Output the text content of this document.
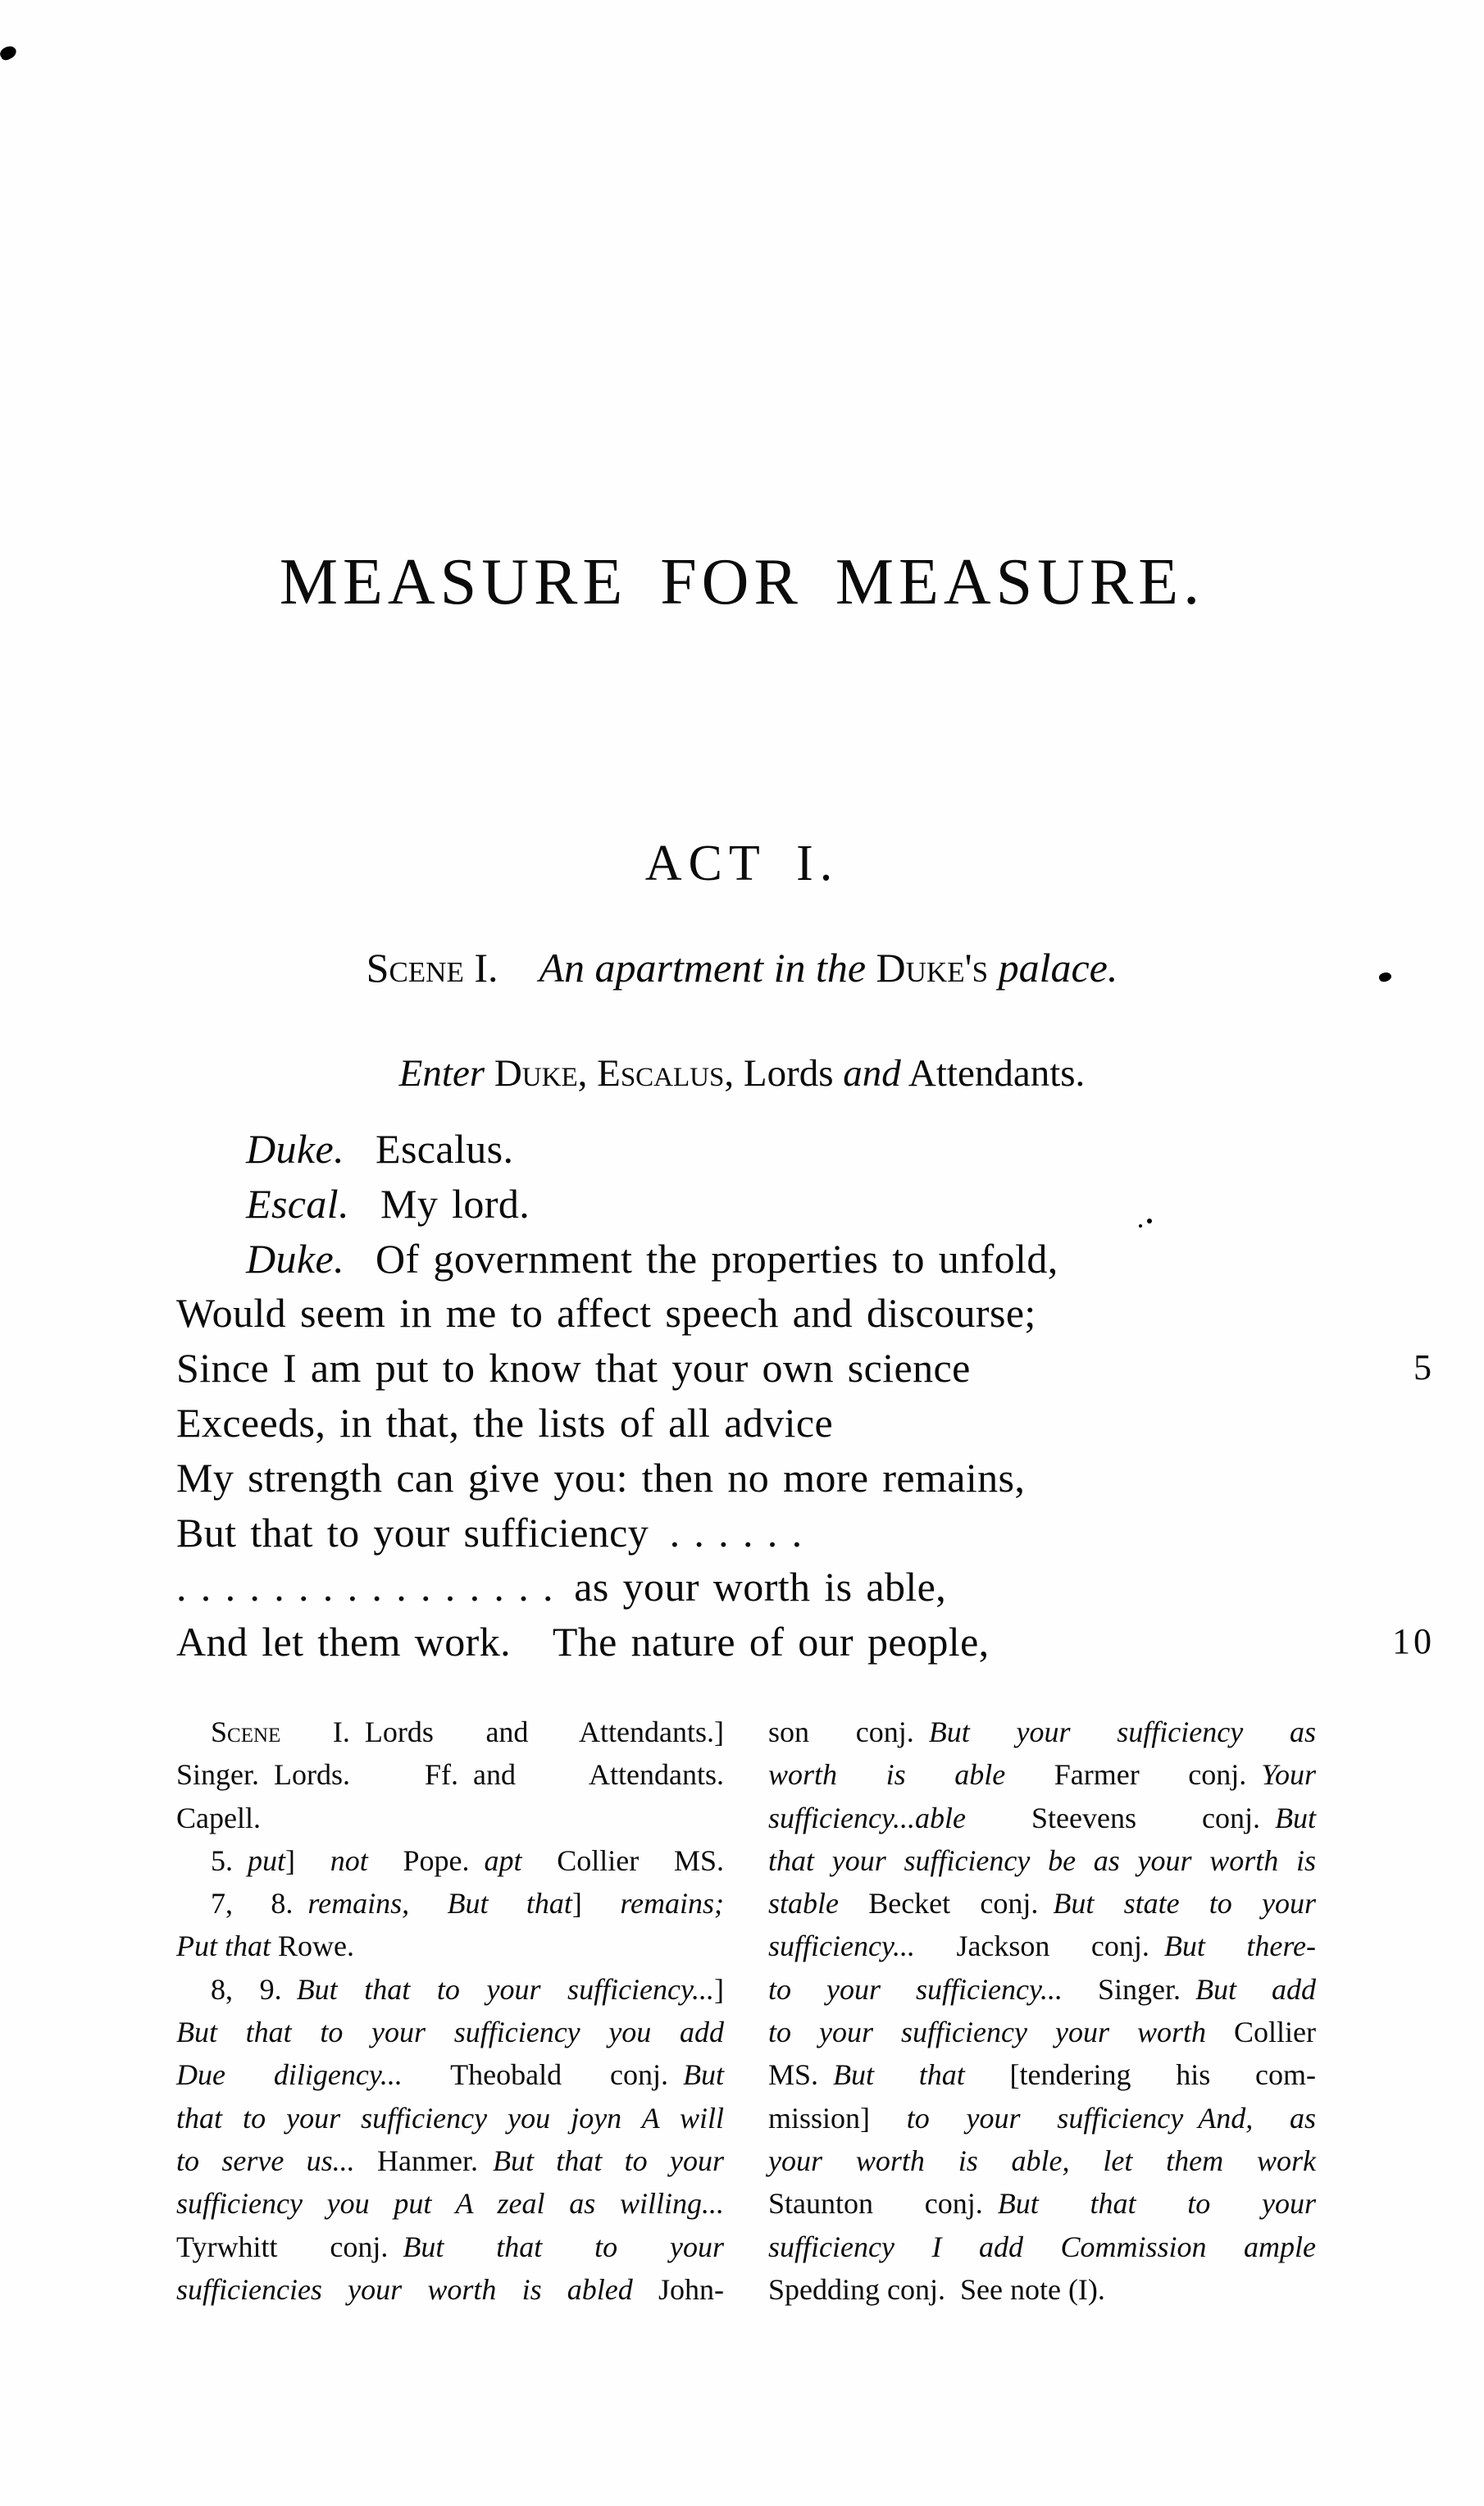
MEASURE FOR MEASURE.
ACT I.
Scene I.   An apartment in the Duke's palace.
Enter Duke, Escalus, Lords and Attendants.
Duke. Escalus.
Escal. My lord.
Duke. Of government the properties to unfold,
Would seem in me to affect speech and discourse;
Since I am put to know that your own science	5
Exceeds, in that, the lists of all advice
My strength can give you: then no more remains,
But that to your sufficiency . . . . . .
. . . . . . . . . . . . . . . . as your worth is able,
And let them work.  The nature of our people,	10
Scene I. Lords and Attendants.]
Singer. Lords. Ff. and Attendants.
Capell.
5. put] not Pope. apt Collier MS.
7, 8. remains, But that] remains;
Put that Rowe.
8, 9. But that to your sufficiency...]
But that to your sufficiency you add
Due diligency... Theobald conj. But
that to your sufficiency you joyn A will
to serve us... Hanmer. But that to your
sufficiency you put A zeal as willing...
Tyrwhitt conj. But that to your
sufficiencies your worth is abled John-
son conj. But your sufficiency as
worth is able Farmer conj. Your
sufficiency...able Steevens conj. But
that your sufficiency be as your worth is
stable Becket conj. But state to your
sufficiency... Jackson conj. But there-
to your sufficiency... Singer. But add
to your sufficiency your worth Collier
MS. But that [tendering his com-
mission] to your sufficiency And, as
your worth is able, let them work
Staunton conj. But that to your
sufficiency I add Commission ample
Spedding conj. See note (I).
